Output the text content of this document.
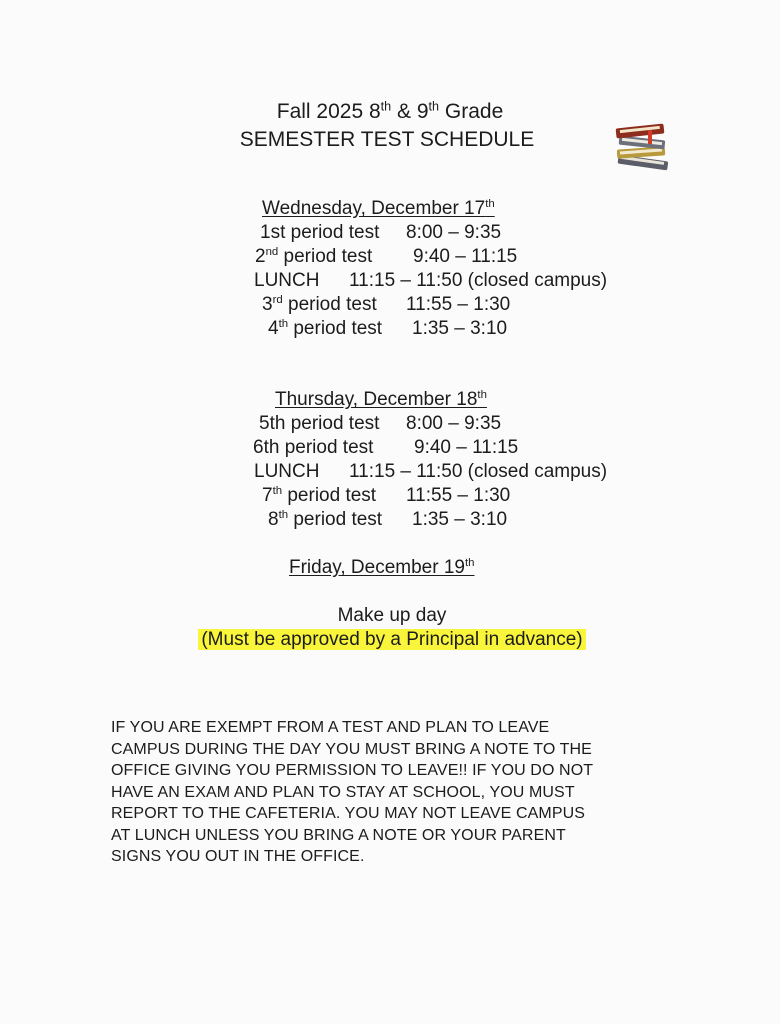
Fall 2025 8th & 9th Grade
SEMESTER TEST SCHEDULE
Wednesday, December 17th
1st period test 8:00 – 9:35
2nd period test 9:40 – 11:15
LUNCH 11:15 – 11:50 (closed campus)
3rd period test 11:55 – 1:30
4th period test 1:35 – 3:10
Thursday, December 18th
5th period test 8:00 – 9:35
6th period test 9:40 – 11:15
LUNCH 11:15 – 11:50 (closed campus)
7th period test 11:55 – 1:30
8th period test 1:35 – 3:10
Friday, December 19th
Make up day
(Must be approved by a Principal in advance)
IF YOU ARE EXEMPT FROM A TEST AND PLAN TO LEAVE
CAMPUS DURING THE DAY YOU MUST BRING A NOTE TO THE
OFFICE GIVING YOU PERMISSION TO LEAVE!! IF YOU DO NOT
HAVE AN EXAM AND PLAN TO STAY AT SCHOOL, YOU MUST
REPORT TO THE CAFETERIA. YOU MAY NOT LEAVE CAMPUS
AT LUNCH UNLESS YOU BRING A NOTE OR YOUR PARENT
SIGNS YOU OUT IN THE OFFICE.
